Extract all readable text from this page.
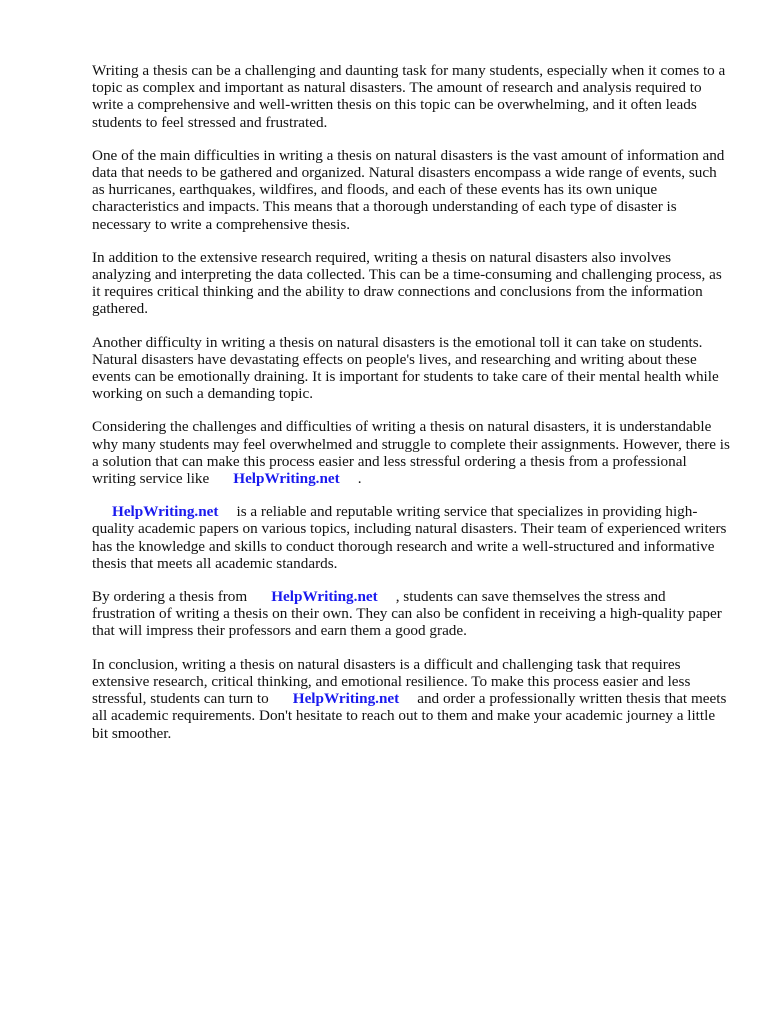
Writing a thesis can be a challenging and daunting task for many students, especially when it comes to a topic as complex and important as natural disasters. The amount of research and analysis required to write a comprehensive and well-written thesis on this topic can be overwhelming, and it often leads students to feel stressed and frustrated.

One of the main difficulties in writing a thesis on natural disasters is the vast amount of information and data that needs to be gathered and organized. Natural disasters encompass a wide range of events, such as hurricanes, earthquakes, wildfires, and floods, and each of these events has its own unique characteristics and impacts. This means that a thorough understanding of each type of disaster is necessary to write a comprehensive thesis.

In addition to the extensive research required, writing a thesis on natural disasters also involves analyzing and interpreting the data collected. This can be a time-consuming and challenging process, as it requires critical thinking and the ability to draw connections and conclusions from the information gathered.

Another difficulty in writing a thesis on natural disasters is the emotional toll it can take on students. Natural disasters have devastating effects on people's lives, and researching and writing about these events can be emotionally draining. It is important for students to take care of their mental health while working on such a demanding topic.

Considering the challenges and difficulties of writing a thesis on natural disasters, it is understandable why many students may feel overwhelmed and struggle to complete their assignments. However, there is a solution that can make this process easier and less stressful ordering a thesis from a professional writing service like HelpWriting.net .

HelpWriting.net is a reliable and reputable writing service that specializes in providing high-quality academic papers on various topics, including natural disasters. Their team of experienced writers has the knowledge and skills to conduct thorough research and write a well-structured and informative thesis that meets all academic standards.

By ordering a thesis from HelpWriting.net , students can save themselves the stress and frustration of writing a thesis on their own. They can also be confident in receiving a high-quality paper that will impress their professors and earn them a good grade.

In conclusion, writing a thesis on natural disasters is a difficult and challenging task that requires extensive research, critical thinking, and emotional resilience. To make this process easier and less stressful, students can turn to HelpWriting.net and order a professionally written thesis that meets all academic requirements. Don't hesitate to reach out to them and make your academic journey a little bit smoother.
